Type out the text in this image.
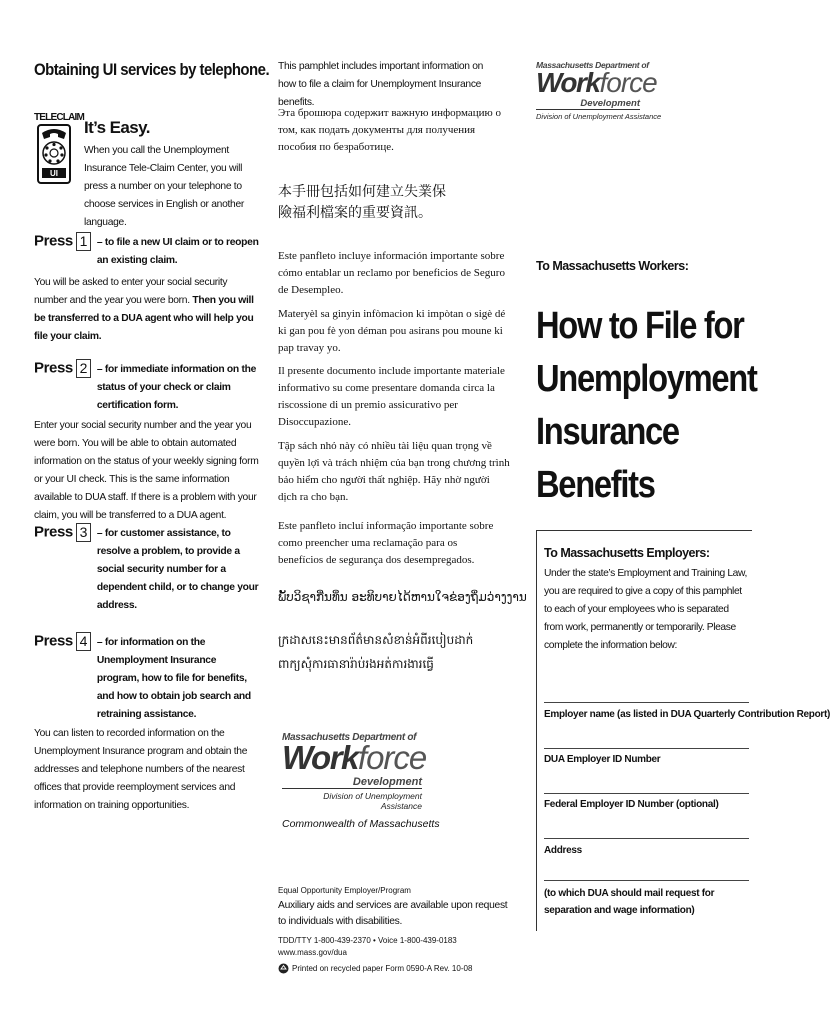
Obtaining UI services by telephone.
TELECLAIM
UI
It’s Easy.
When you call the Unemployment Insurance Tele-Claim Center, you will press a number on your telephone to choose services in English or another language.
Press 1 – to file a new UI claim or to reopen an existing claim.
You will be asked to enter your social security number and the year you were born. Then you will be transferred to a DUA agent who will help you file your claim.
Press 2 – for immediate information on the status of your check or claim certification form.
Enter your social security number and the year you were born. You will be able to obtain automated information on the status of your weekly signing form or your UI check. This is the same information available to DUA staff. If there is a problem with your claim, you will be transferred to a DUA agent.
Press 3 – for customer assistance, to resolve a problem, to provide a social security number for a dependent child, or to change your address.
Press 4 – for information on the Unemployment Insurance program, how to file for benefits, and how to obtain job search and retraining assistance.
You can listen to recorded information on the Unemployment Insurance program and obtain the addresses and telephone numbers of the nearest offices that provide reemployment services and information on training opportunities.
This pamphlet includes important information on how to file a claim for Unemployment Insurance benefits.
Эта брошюра содержит важную информацию о том, как подать документы для получения пособия по безработице.
本手冊包括如何建立失業保險福利檔案的重要資訊。
Este panfleto incluye información importante sobre cómo entablar un reclamo por beneficios de Seguro de Desempleo.
Materyèl sa ginyin infòmacion ki impòtan o sigè dé ki gan pou fè yon déman pou asirans pou moune ki pap travay yo.
Il presente documento include importante materiale informativo su come presentare domanda circa la riscossione di un premio assicurativo per Disoccupazione.
Tập sách nhỏ này có nhiều tài liệu quan trọng về quyền lợi và trách nhiệm của bạn trong chương trình bảo hiểm cho người thất nghiệp. Hãy nhờ người dịch ra cho bạn.
Este panfleto incluí informação importante sobre como preencher uma reclamação para os benefícios de segurança dos desempregados.
ພັ້ບວິຊາກີ່ນທິ່ນ ອະທິບາຍໄດ້ຫານໃຈຂ່ອງຖິ່ມວ່າງງານ
ក្រដាសនេះមានព័ត៌មានសំខាន់អំពីរបៀបដាក់ពាក្យសុំការធានារ៉ាប់រងអត់ការងារធ្វើ
Massachusetts Department of
Workforce
Development
Division of Unemployment Assistance
Commonwealth of Massachusetts
Equal Opportunity Employer/Program
Auxiliary aids and services are available upon request to individuals with disabilities.
TDD/TTY 1-800-439-2370 • Voice 1-800-439-0183
www.mass.gov/dua
Printed on recycled paper Form 0590-A Rev. 10-08
Massachusetts Department of
Workforce
Development
Division of Unemployment Assistance
To Massachusetts Workers:
How to File for
Unemployment
Insurance
Benefits
To Massachusetts Employers:
Under the state’s Employment and Training Law, you are required to give a copy of this pamphlet to each of your employees who is separated from work, permanently or temporarily. Please complete the information below:
Employer name (as listed in DUA Quarterly Contribution Report)
DUA Employer ID Number
Federal Employer ID Number (optional)
Address
(to which DUA should mail request for separation and wage information)
